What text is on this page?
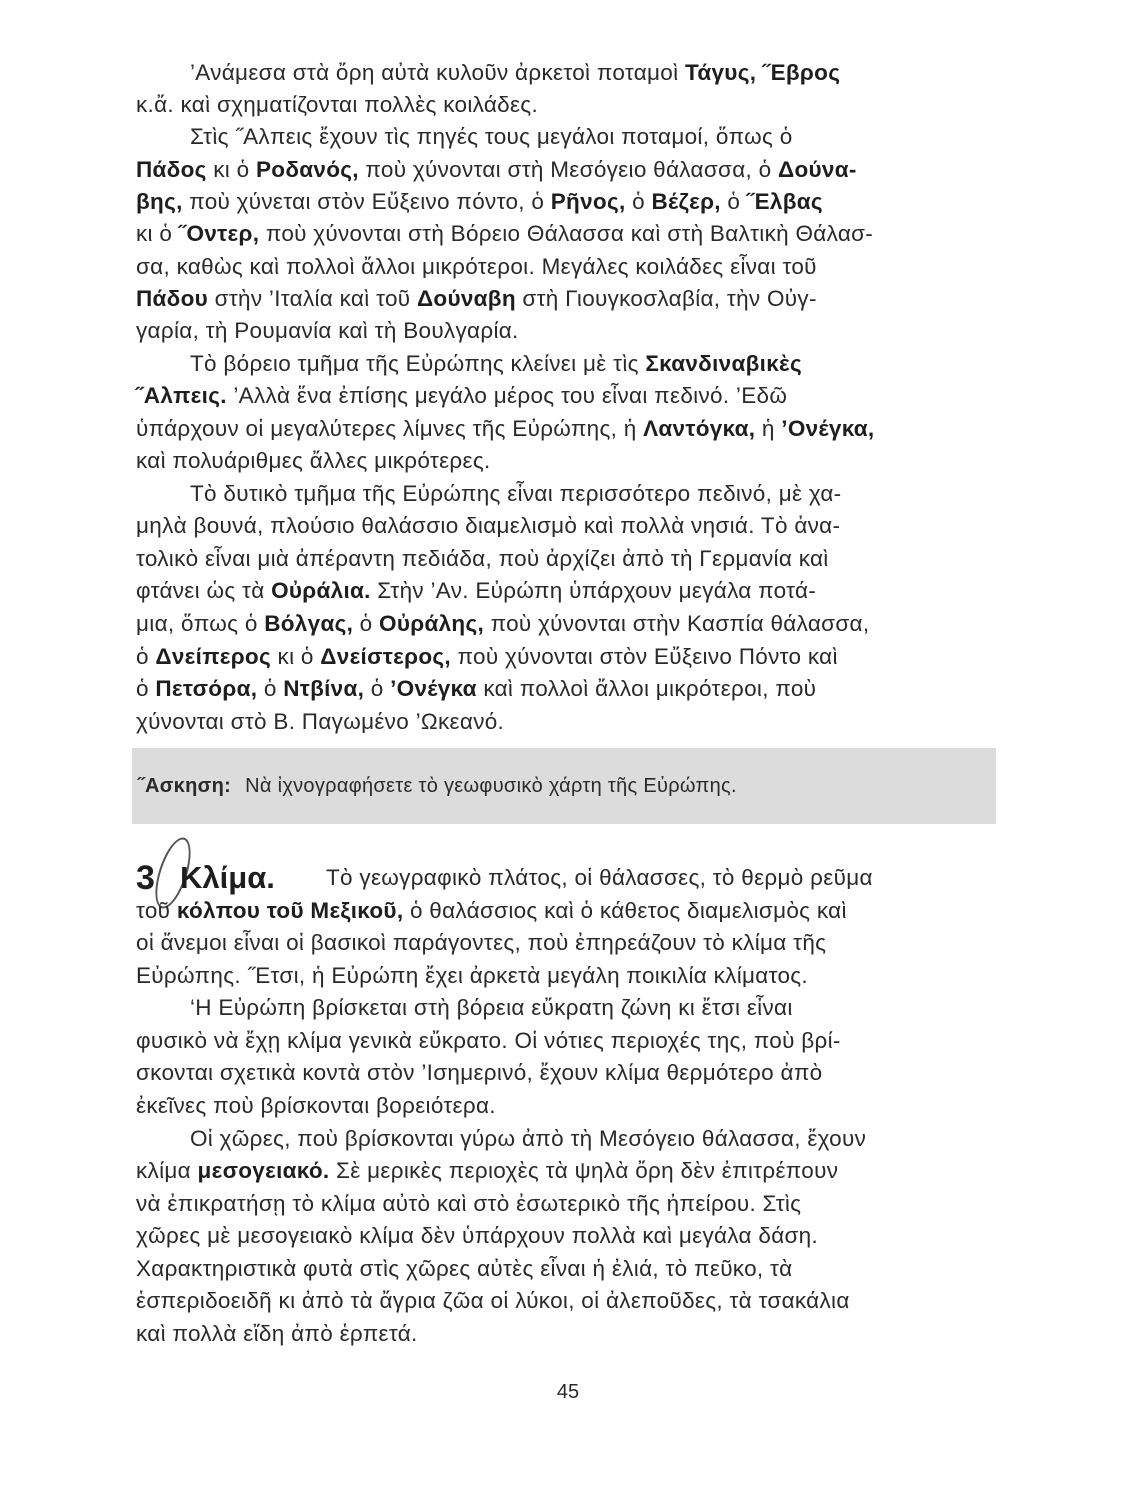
’Ανάμεσα στὰ ὄρη αὐτὰ κυλοῦν ἀρκετοὶ ποταμοὶ Τάγυς, ˝Εβρος
κ.ἄ. καὶ σχηματίζονται πολλὲς κοιλάδες.
Στὶς ˝Αλπεις ἔχουν τὶς πηγές τους μεγάλοι ποταμοί, ὅπως ὁ
Πάδος κι ὁ Ροδανός, ποὺ χύνονται στὴ Μεσόγειο θάλασσα, ὁ Δούνα-
βης, ποὺ χύνεται στὸν Εὔξεινο πόντο, ὁ Ρῆνος, ὁ Βέζερ, ὁ ˝Ελβας
κι ὁ ˝Οντερ, ποὺ χύνονται στὴ Βόρειο Θάλασσα καὶ στὴ Βαλτικὴ Θάλασ-
σα, καθὼς καὶ πολλοὶ ἄλλοι μικρότεροι. Μεγάλες κοιλάδες εἶναι τοῦ
Πάδου στὴν ’Ιταλία καὶ τοῦ Δούναβη στὴ Γιουγκοσλαβία, τὴν Οὐγ-
γαρία, τὴ Ρουμανία καὶ τὴ Βουλγαρία.
Τὸ βόρειο τμῆμα τῆς Εὐρώπης κλείνει μὲ τὶς Σκανδιναβικὲς
˝Αλπεις. ’Αλλὰ ἕνα ἐπίσης μεγάλο μέρος του εἶναι πεδινό. ’Εδῶ
ὑπάρχουν οἱ μεγαλύτερες λίμνες τῆς Εὐρώπης, ἡ Λαντόγκα, ἡ ’Ονέγκα,
καὶ πολυάριθμες ἄλλες μικρότερες.
Τὸ δυτικὸ τμῆμα τῆς Εὐρώπης εἶναι περισσότερο πεδινό, μὲ χα-
μηλὰ βουνά, πλούσιο θαλάσσιο διαμελισμὸ καὶ πολλὰ νησιά. Τὸ ἀνα-
τολικὸ εἶναι μιὰ ἀπέραντη πεδιάδα, ποὺ ἀρχίζει ἀπὸ τὴ Γερμανία καὶ
φτάνει ὡς τὰ Οὐράλια. Στὴν ’Αν. Εὐρώπη ὑπάρχουν μεγάλα ποτά-
μια, ὅπως ὁ Βόλγας, ὁ Οὐράλης, ποὺ χύνονται στὴν Κασπία θάλασσα,
ὁ Δνείπερος κι ὁ Δνείστερος, ποὺ χύνονται στὸν Εὔξεινο Πόντο καὶ
ὁ Πετσόρα, ὁ Ντβίνα, ὁ ’Ονέγκα καὶ πολλοὶ ἄλλοι μικρότεροι, ποὺ
χύνονται στὸ Β. Παγωμένο ’Ωκεανό.
˝Ασκηση: Νὰ ἰχνογραφήσετε τὸ γεωφυσικὸ χάρτη τῆς Εὐρώπης.
3 Κλίμα. Τὸ γεωγραφικὸ πλάτος, οἱ θάλασσες, τὸ θερμὸ ρεῦμα
τοῦ κόλπου τοῦ Μεξικοῦ, ὁ θαλάσσιος καὶ ὁ κάθετος διαμελισμὸς καὶ
οἱ ἄνεμοι εἶναι οἱ βασικοὶ παράγοντες, ποὺ ἐπηρεάζουν τὸ κλίμα τῆς
Εὐρώπης. ˝Ετσι, ἡ Εὐρώπη ἔχει ἀρκετὰ μεγάλη ποικιλία κλίματος.
‘Η Εὐρώπη βρίσκεται στὴ βόρεια εὔκρατη ζώνη κι ἔτσι εἶναι
φυσικὸ νὰ ἔχῃ κλίμα γενικὰ εὔκρατο. Οἱ νότιες περιοχές της, ποὺ βρί-
σκονται σχετικὰ κοντὰ στὸν ’Ισημερινό, ἔχουν κλίμα θερμότερο ἀπὸ
ἐκεῖνες ποὺ βρίσκονται βορειότερα.
Οἱ χῶρες, ποὺ βρίσκονται γύρω ἀπὸ τὴ Μεσόγειο θάλασσα, ἔχουν
κλίμα μεσογειακό. Σὲ μερικὲς περιοχὲς τὰ ψηλὰ ὄρη δὲν ἐπιτρέπουν
νὰ ἐπικρατήσῃ τὸ κλίμα αὐτὸ καὶ στὸ ἐσωτερικὸ τῆς ἠπείρου. Στὶς
χῶρες μὲ μεσογειακὸ κλίμα δὲν ὑπάρχουν πολλὰ καὶ μεγάλα δάση.
Χαρακτηριστικὰ φυτὰ στὶς χῶρες αὐτὲς εἶναι ἡ ἐλιά, τὸ πεῦκο, τὰ
ἑσπεριδοειδῆ κι ἀπὸ τὰ ἄγρια ζῶα οἱ λύκοι, οἱ ἀλεποῦδες, τὰ τσακάλια
καὶ πολλὰ εἴδη ἀπὸ ἑρπετά.
45
